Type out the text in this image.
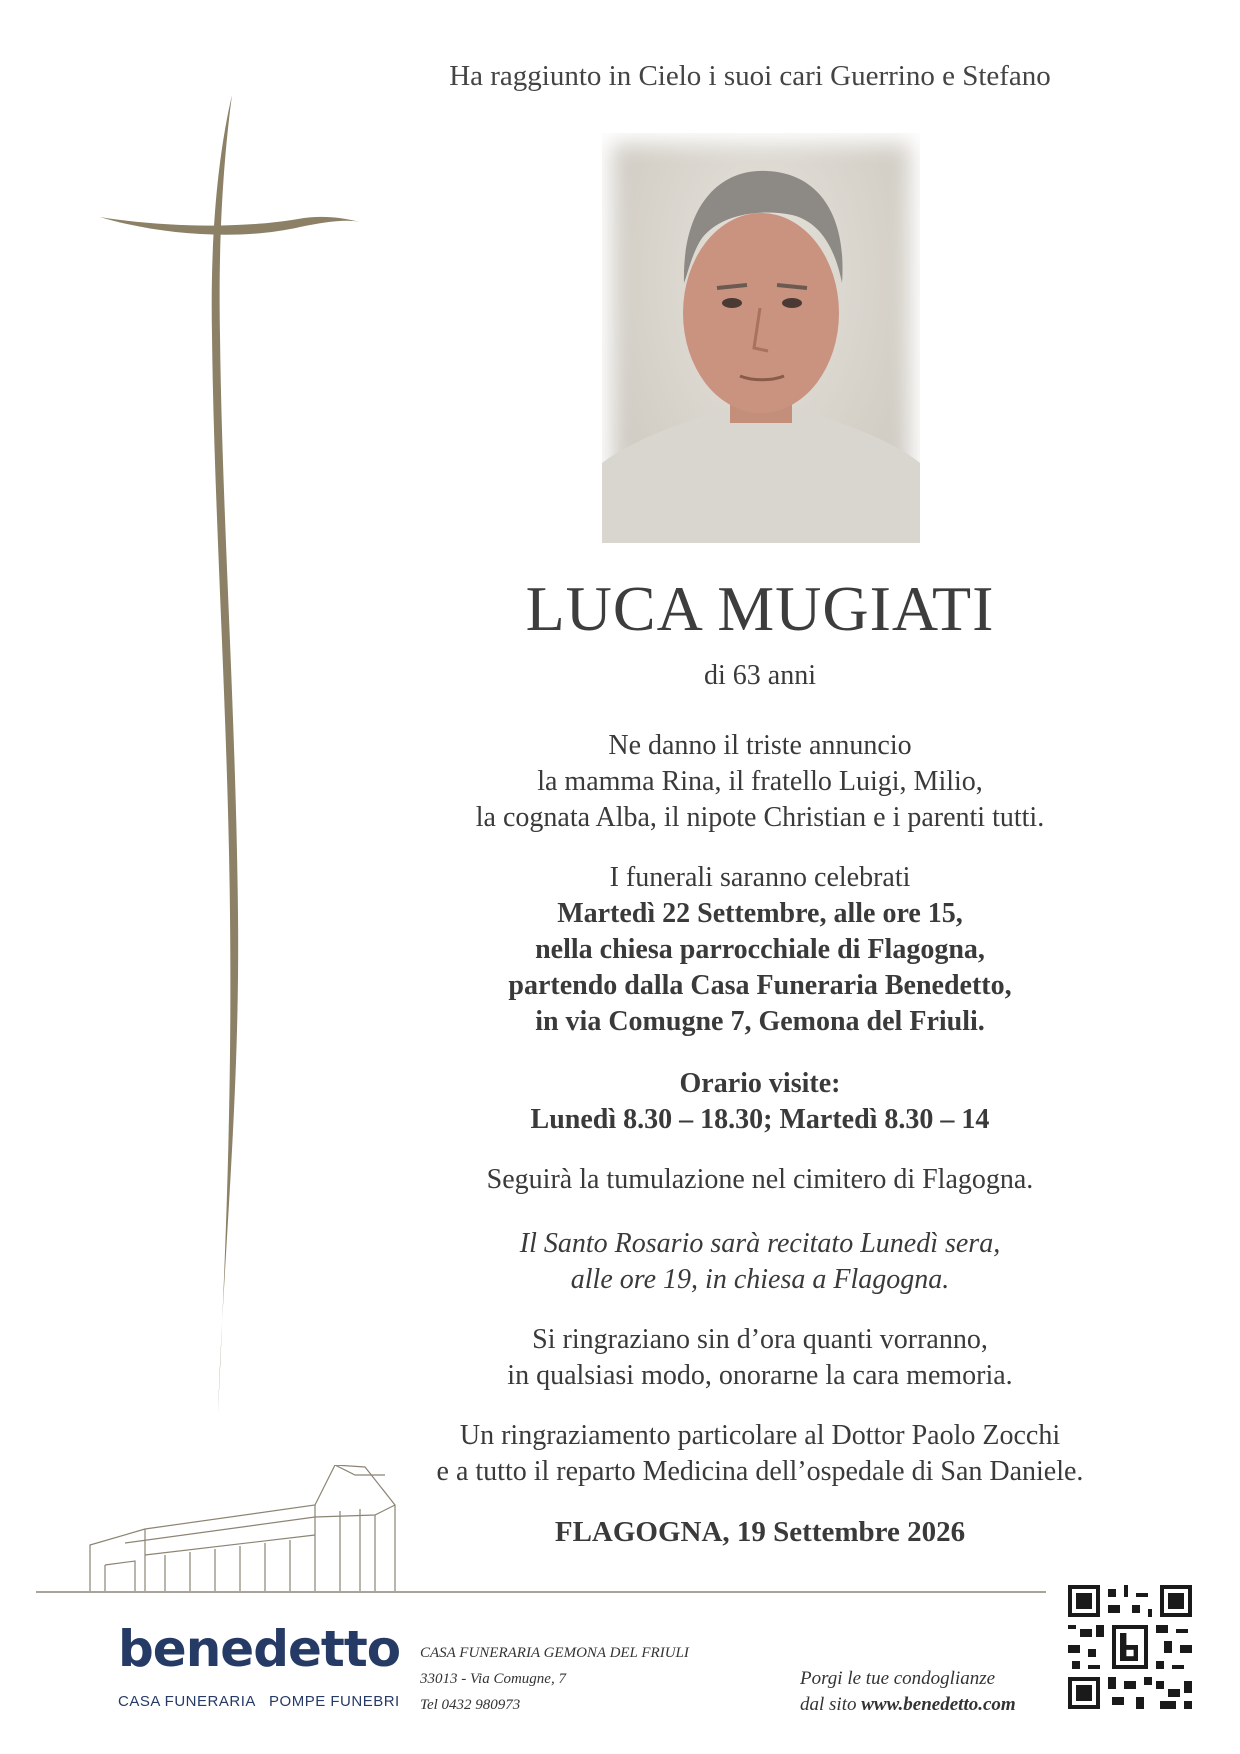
Ha raggiunto in Cielo i suoi cari Guerrino e Stefano
LUCA MUGIATI
di 63 anni
Ne danno il triste annuncio
la mamma Rina, il fratello Luigi, Milio,
la cognata Alba, il nipote Christian e i parenti tutti.
I funerali saranno celebrati
Martedì 22 Settembre, alle ore 15,
nella chiesa parrocchiale di Flagogna,
partendo dalla Casa Funeraria Benedetto,
in via Comugne 7, Gemona del Friuli.
Orario visite:
Lunedì 8.30 – 18.30; Martedì 8.30 – 14
Seguirà la tumulazione nel cimitero di Flagogna.
Il Santo Rosario sarà recitato Lunedì sera,
alle ore 19, in chiesa a Flagogna.
Si ringraziano sin d’ora quanti vorranno,
in qualsiasi modo, onorarne la cara memoria.
Un ringraziamento particolare al Dottor Paolo Zocchi
e a tutto il reparto Medicina dell’ospedale di San Daniele.
FLAGOGNA, 19 Settembre 2026
benedetto
CASA FUNERARIA   POMPE FUNEBRI
CASA FUNERARIA GEMONA DEL FRIULI
33013 - Via Comugne, 7
Tel 0432 980973
Porgi le tue condoglianze
dal sito www.benedetto.com
